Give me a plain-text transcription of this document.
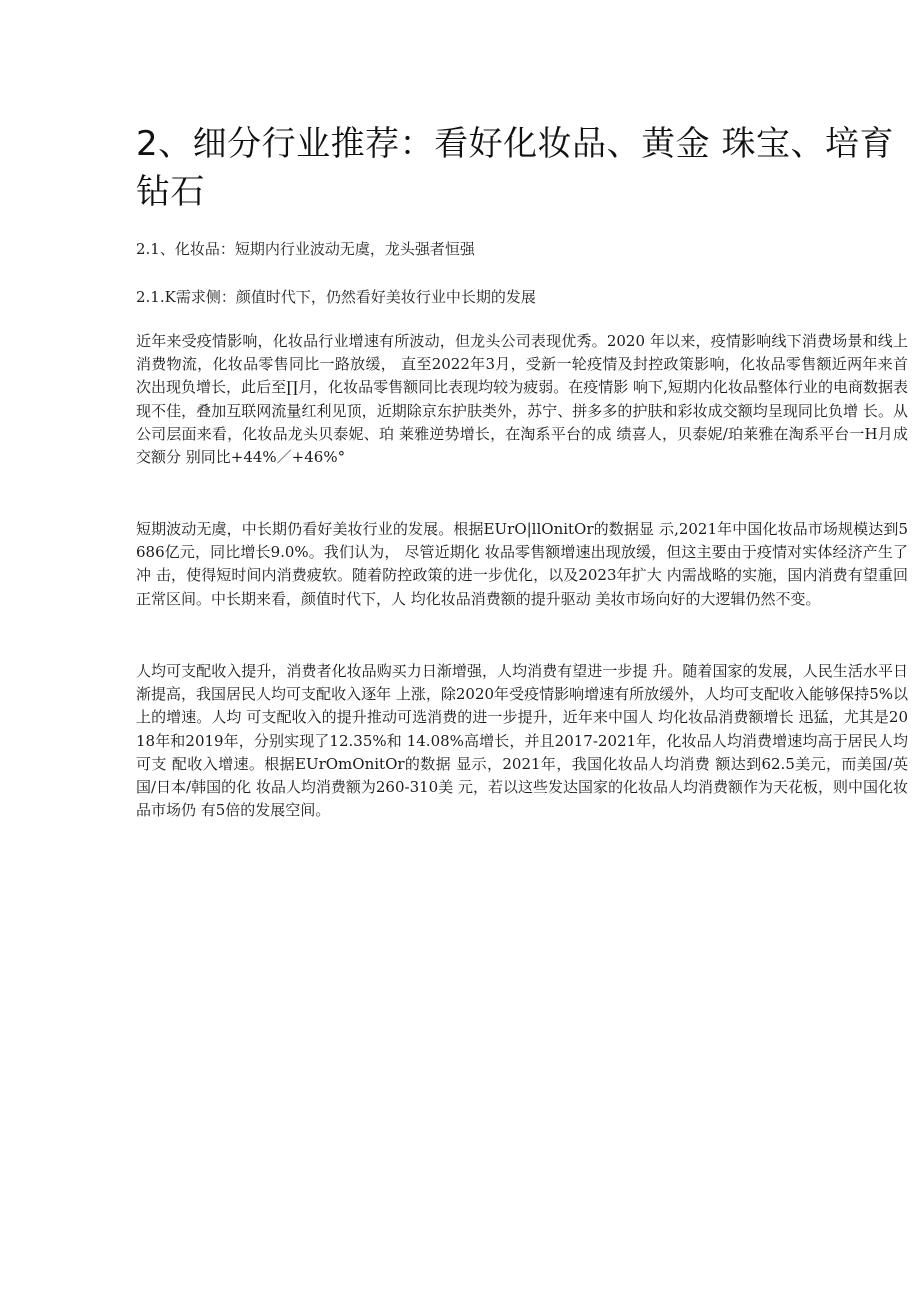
2、细分行业推荐：看好化妆品、黄金 珠宝、培育钻石
2.1、化妆品：短期内行业波动无虞，龙头强者恒强
2.1.K需求侧：颜值时代下，仍然看好美妆行业中长期的发展

近年来受疫情影响，化妆品行业增速有所波动，但龙头公司表现优秀。2020 年以来，疫情影响线下消费场景和线上消费物流，化妆品零售同比一路放缓， 直至2022年3月，受新一轮疫情及封控政策影响，化妆品零售额近两年来首 次出现负增长，此后至∏月，化妆品零售额同比表现均较为疲弱。在疫情影 响下,短期内化妆品整体行业的电商数据表现不佳，叠加互联网流量红利见顶，近期除京东护肤类外，苏宁、拼多多的护肤和彩妆成交额均呈现同比负增 长。从公司层面来看，化妆品龙头贝泰妮、珀 莱雅逆势增长，在淘系平台的成 绩喜人，贝泰妮/珀莱雅在淘系平台一H月成交额分 别同比+44%／+46%°

短期波动无虞，中长期仍看好美妆行业的发展。根据EUrO|llOnitOr的数据显 示,2021年中国化妆品市场规模达到5686亿元，同比增长9.0%。我们认为， 尽管近期化 妆品零售额增速出现放缓，但这主要由于疫情对实体经济产生了冲 击，使得短时间内消费疲软。随着防控政策的进一步优化，以及2023年扩大 内需战略的实施，国内消费有望重回正常区间。中长期来看，颜值时代下，人 均化妆品消费额的提升驱动 美妆市场向好的大逻辑仍然不变。

人均可支配收入提升，消费者化妆品购买力日渐增强，人均消费有望进一步提 升。随着国家的发展，人民生活水平日渐提高，我国居民人均可支配收入逐年 上涨，除2020年受疫情影响增速有所放缓外，人均可支配收入能够保持5%以 上的增速。人均 可支配收入的提升推动可选消费的进一步提升，近年来中国人 均化妆品消费额增长 迅猛，尤其是2018年和2019年，分别实现了12.35%和 14.08%高增长，并且2017-2021年，化妆品人均消费增速均高于居民人均可支 配收入增速。根据EUrOmOnitOr的数据 显示，2021年，我国化妆品人均消费 额达到62.5美元，而美国/英国/日本/韩国的化 妆品人均消费额为260-310美 元，若以这些发达国家的化妆品人均消费额作为天花板，则中国化妆品市场仍 有5倍的发展空间。
